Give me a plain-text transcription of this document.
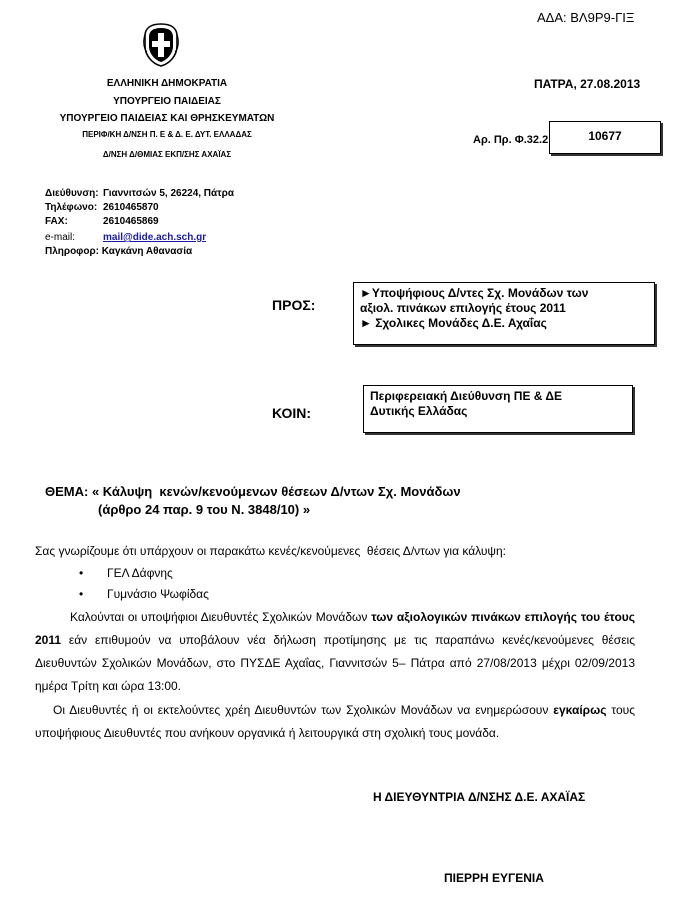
ΑΔΑ: ΒΛ9Ρ9-ΓΙΞ
ΕΛΛΗΝΙΚΗ ΔΗΜΟΚΡΑΤΙΑ
ΥΠΟΥΡΓΕΙΟ ΠΑΙΔΕΙΑΣ
ΥΠΟΥΡΓΕΙΟ ΠΑΙΔΕΙΑΣ ΚΑΙ ΘΡΗΣΚΕΥΜΑΤΩΝ
ΠΕΡΙΦ/ΚΗ Δ/ΝΣΗ Π. Ε & Δ. Ε. ΔΥΤ. ΕΛΛΑΔΑΣ
Δ/ΝΣΗ Δ/ΘΜΙΑΣ ΕΚΠ/ΣΗΣ ΑΧΑΪΑΣ
ΠΑΤΡΑ, 27.08.2013
Αρ. Πρ. Φ.32.2	10677
Διεύθυνση: Γιαννιτσών 5, 26224, Πάτρα
Τηλέφωνο: 2610465870
FAX:	2610465869
e-mail:	mail@dide.ach.sch.gr
Πληροφορ: Καγκάνη Αθανασία
ΠΡΟΣ:
►Υποψήφιους Δ/ντες Σχ. Μονάδων των
αξιολ. πινάκων επιλογής έτους 2011
► Σχολικες Μονάδες Δ.Ε. Αχαΐας
ΚΟΙΝ:
Περιφερειακή Διεύθυνση ΠΕ & ΔΕ
Δυτικής Ελλάδας
ΘΕΜΑ: « Κάλυψη  κενών/κενούμενων θέσεων Δ/ντων Σχ. Μονάδων
(άρθρο 24 παρ. 9 του Ν. 3848/10) »
Σας γνωρίζουμε ότι υπάρχουν οι παρακάτω κενές/κενούμενες  θέσεις Δ/ντων για κάλυψη:
• ΓΕΛ Δάφνης
• Γυμνάσιο Ψωφίδας
Καλούνται οι υποψήφιοι Διευθυντές Σχολικών Μονάδων των αξιολογικών πινάκων επιλογής του έτους 2011 εάν επιθυμούν να υποβάλουν νέα δήλωση προτίμησης με τις παραπάνω κενές/κενούμενες θέσεις Διευθυντών Σχολικών Μονάδων, στο ΠΥΣΔΕ Αχαΐας, Γιαννιτσών 5– Πάτρα από 27/08/2013 μέχρι 02/09/2013 ημέρα Τρίτη και ώρα 13:00.
Οι Διευθυντές ή οι εκτελούντες χρέη Διευθυντών των Σχολικών Μονάδων να ενημερώσουν εγκαίρως τους υποψήφιους Διευθυντές που ανήκουν οργανικά ή λειτουργικά στη σχολική τους μονάδα.
Η ΔΙΕΥΘΥΝΤΡΙΑ Δ/ΝΣΗΣ Δ.Ε. ΑΧΑΪΑΣ
ΠΙΕΡΡΗ ΕΥΓΕΝΙΑ
